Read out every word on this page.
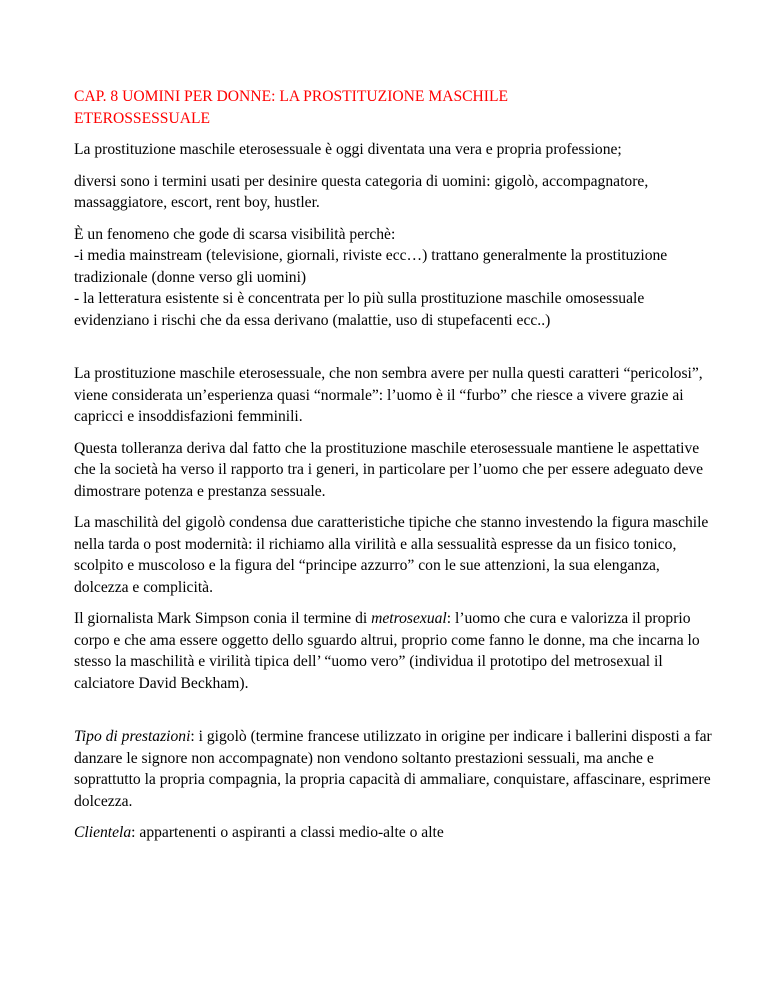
CAP. 8 UOMINI PER DONNE: LA PROSTITUZIONE MASCHILE
ETEROSSESSUALE

La prostituzione maschile eterosessuale è oggi diventata una vera e propria professione;

diversi sono i termini usati per desinire questa categoria di uomini: gigolò, accompagnatore, massaggiatore, escort, rent boy, hustler.

È un fenomeno che gode di scarsa visibilità perchè:
-i media mainstream (televisione, giornali, riviste ecc…) trattano generalmente la prostituzione tradizionale (donne verso gli uomini)
- la letteratura esistente si è concentrata per lo più sulla prostituzione maschile omosessuale evidenziano i rischi che da essa derivano (malattie, uso di stupefacenti ecc..)

La prostituzione maschile eterosessuale, che non sembra avere per nulla questi caratteri “pericolosi”, viene considerata un’esperienza quasi “normale”: l’uomo è il “furbo” che riesce a vivere grazie ai capricci e insoddisfazioni femminili.

Questa tolleranza deriva dal fatto che la prostituzione maschile eterosessuale mantiene le aspettative che la società ha verso il rapporto tra i generi, in particolare per l’uomo che per essere adeguato deve dimostrare potenza e prestanza sessuale.

La maschilità del gigolò condensa due caratteristiche tipiche che stanno investendo la figura maschile nella tarda o post modernità: il richiamo alla virilità e alla sessualità espresse da un fisico tonico, scolpito e muscoloso e la figura del “principe azzurro” con le sue attenzioni, la sua elenganza, dolcezza e complicità.

Il giornalista Mark Simpson conia il termine di metrosexual: l’uomo che cura e valorizza il proprio corpo e che ama essere oggetto dello sguardo altrui, proprio come fanno le donne, ma che incarna lo stesso la maschilità e virilità tipica dell’ “uomo vero” (individua il prototipo del metrosexual il calciatore David Beckham).

Tipo di prestazioni: i gigolò (termine francese utilizzato in origine per indicare i ballerini disposti a far danzare le signore non accompagnate) non vendono soltanto prestazioni sessuali, ma anche e soprattutto la propria compagnia, la propria capacità di ammaliare, conquistare, affascinare, esprimere dolcezza.

Clientela: appartenenti o aspiranti a classi medio-alte o alte
